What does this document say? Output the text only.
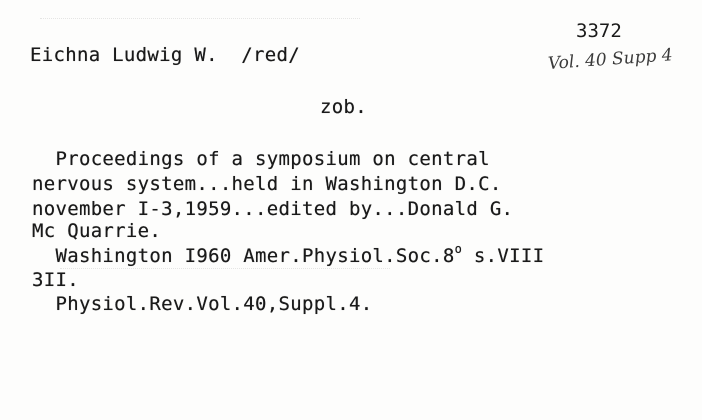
3372
Vol. 40 Supp 4

Eichna Ludwig W.  /red/

zob.

Proceedings of a symposium on central

nervous system...held in Washington D.C.

november I-3,1959...edited by...Donald G.

Mc Quarrie.

Washington I960 Amer.Physiol.Soc.8$^o$ s.VIII

3II.

Physiol.Rev.Vol.40,Suppl.4.
